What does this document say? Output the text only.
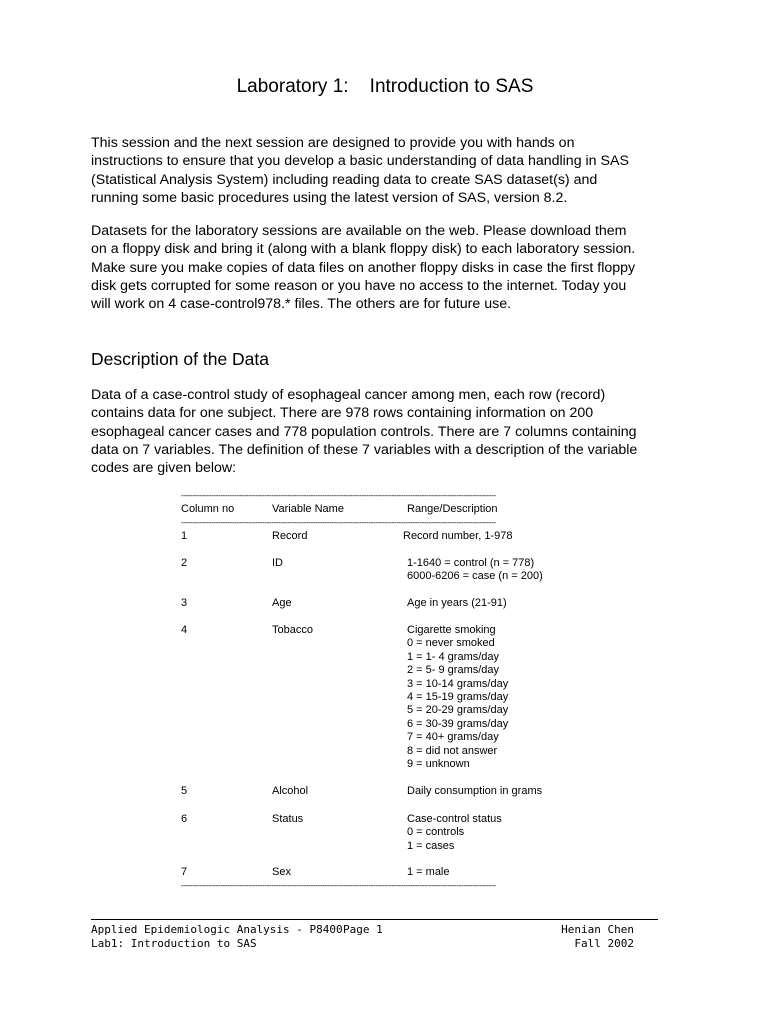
Laboratory 1:    Introduction to SAS
This session and the next session are designed to provide you with hands on
instructions to ensure that you develop a basic understanding of data handling in SAS
(Statistical Analysis System) including reading data to create SAS dataset(s) and
running some basic procedures using the latest version of SAS, version 8.2.
Datasets for the laboratory sessions are available on the web. Please download them
on a floppy disk and bring it (along with a blank floppy disk) to each laboratory session.
Make sure you make copies of data files on another floppy disks in case the first floppy
disk gets corrupted for some reason or you have no access to the internet. Today you
will work on 4 case-control978.* files. The others are for future use.
Description of the Data
Data of a case-control study of esophageal cancer among men, each row (record)
contains data for one subject. There are 978 rows containing information on 200
esophageal cancer cases and 778 population controls. There are 7 columns containing
data on 7 variables. The definition of these 7 variables with a description of the variable
codes are given below:
----------------------------------------------------------------------------------------------------------------------------------------
Column no	Variable Name	Range/Description
----------------------------------------------------------------------------------------------------------------------------------------
1	Record	Record number, 1-978
2	ID	1-1640 = control (n = 778)
6000-6206 = case (n = 200)
3	Age	Age in years (21-91)
4	Tobacco	Cigarette smoking
0 = never smoked
1 = 1- 4 grams/day
2 = 5- 9 grams/day
3 = 10-14 grams/day
4 = 15-19 grams/day
5 = 20-29 grams/day
6 = 30-39 grams/day
7 = 40+ grams/day
8 = did not answer
9 = unknown
5	Alcohol	Daily consumption in grams
6	Status	Case-control status
0 = controls
1 = cases
7	Sex	1 = male
----------------------------------------------------------------------------------------------------------------------------------------
Applied Epidemiologic Analysis - P8400 Page 1	Henian Chen
Lab1: Introduction to SAS	Fall 2002
